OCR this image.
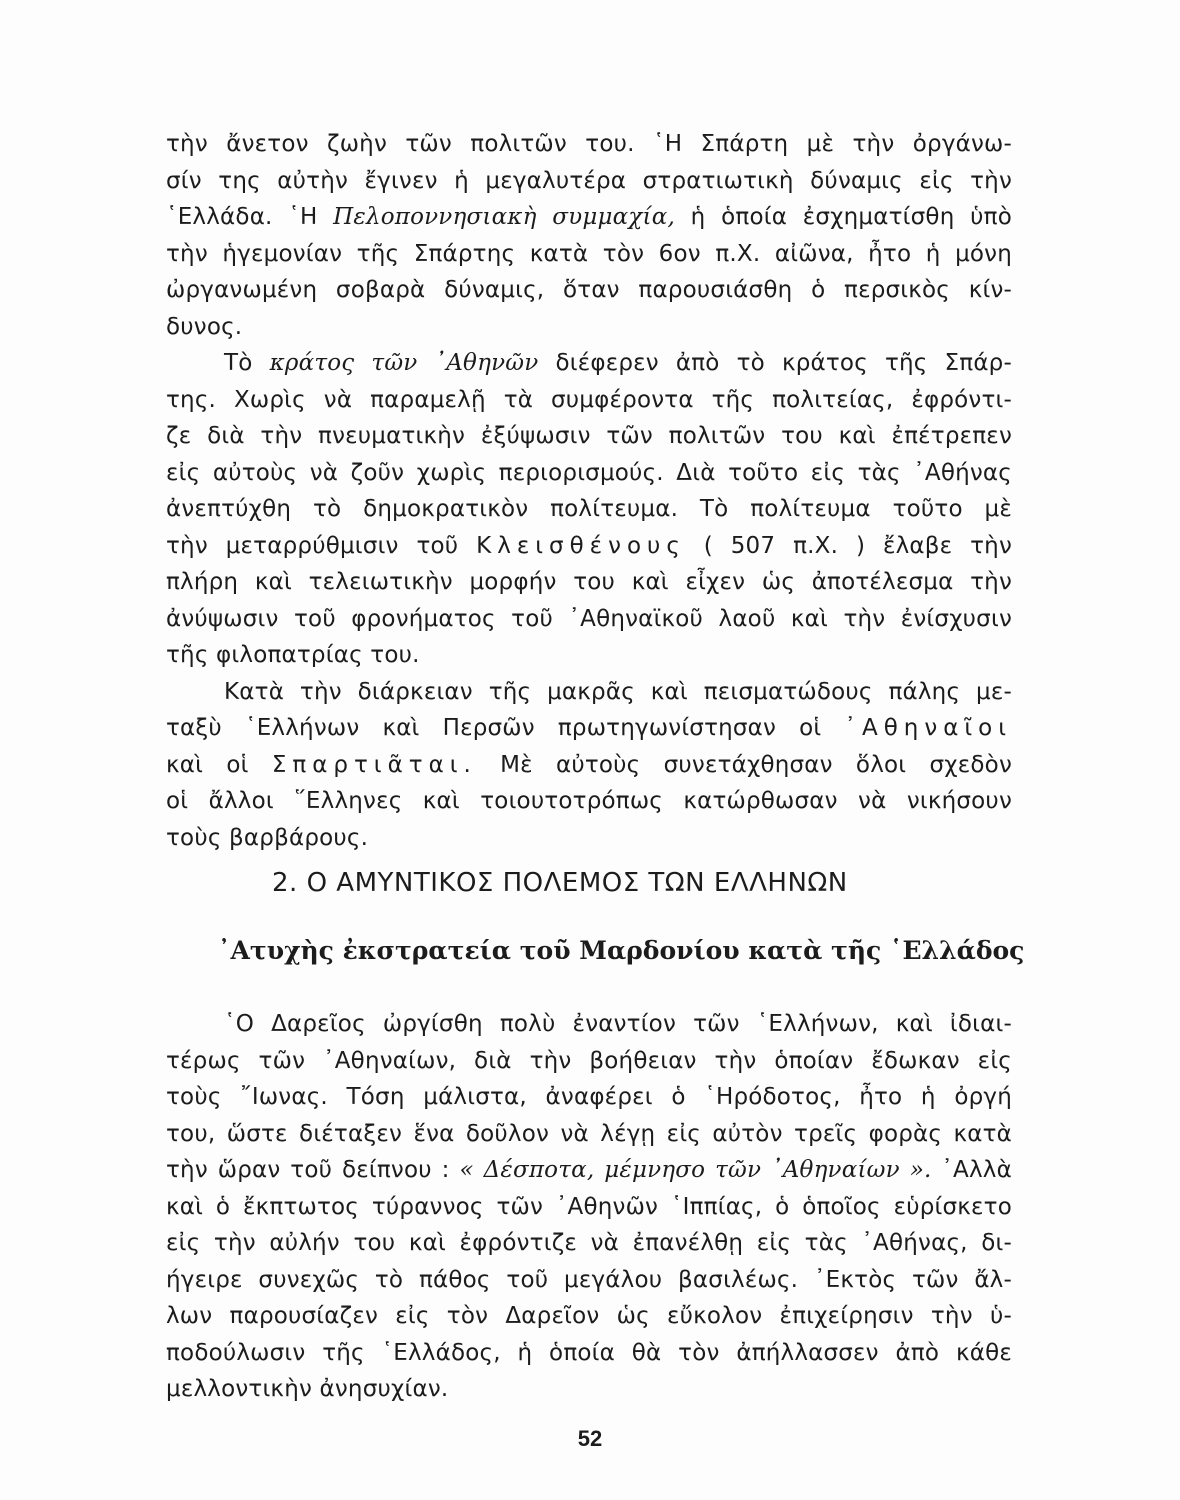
τὴν ἄνετον ζωὴν τῶν πολιτῶν του. ῾Η Σπάρτη μὲ τὴν ὀργάνω-
σίν της αὐτὴν ἔγινεν ἡ μεγαλυτέρα στρατιωτικὴ δύναμις εἰς τὴν
῾Ελλάδα. ῾Η Πελοποννησιακὴ συμμαχία, ἡ ὁποία ἐσχηματίσθη ὑπὸ
τὴν ἡγεμονίαν τῆς Σπάρτης κατὰ τὸν 6ον π.Χ. αἰῶνα, ἦτο ἡ μόνη
ὠργανωμένη σοβαρὰ δύναμις, ὅταν παρουσιάσθη ὁ περσικὸς κίν-
δυνος.
Τὸ κράτος τῶν ᾿Αθηνῶν διέφερεν ἀπὸ τὸ κράτος τῆς Σπάρ-
της. Χωρὶς νὰ παραμελῇ τὰ συμφέροντα τῆς πολιτείας, ἐφρόντι-
ζε διὰ τὴν πνευματικὴν ἐξύψωσιν τῶν πολιτῶν του καὶ ἐπέτρεπεν
εἰς αὐτοὺς νὰ ζοῦν χωρὶς περιορισμούς. Διὰ τοῦτο εἰς τὰς ᾿Αθήνας
ἀνεπτύχθη τὸ δημοκρατικὸν πολίτευμα. Τὸ πολίτευμα τοῦτο μὲ
τὴν μεταρρύθμισιν τοῦ Κλεισθένους ( 507 π.Χ. ) ἔλαβε τὴν
πλήρη καὶ τελειωτικὴν μορφήν του καὶ εἶχεν ὡς ἀποτέλεσμα τὴν
ἀνύψωσιν τοῦ φρονήματος τοῦ ᾿Αθηναϊκοῦ λαοῦ καὶ τὴν ἐνίσχυσιν
τῆς φιλοπατρίας του.
Κατὰ τὴν διάρκειαν τῆς μακρᾶς καὶ πεισματώδους πάλης με-
ταξὺ ῾Ελλήνων καὶ Περσῶν πρωτηγωνίστησαν οἱ ᾿Αθηναῖοι
καὶ οἱ Σπαρτιᾶται. Μὲ αὐτοὺς συνετάχθησαν ὅλοι σχεδὸν
οἱ ἄλλοι ῞Ελληνες καὶ τοιουτοτρόπως κατώρθωσαν νὰ νικήσουν
τοὺς βαρβάρους.
2. Ο ΑΜΥΝΤΙΚΟΣ ΠΟΛΕΜΟΣ ΤΩΝ ΕΛΛΗΝΩΝ
᾿Ατυχὴς ἐκστρατεία τοῦ Μαρδονίου κατὰ τῆς ῾Ελλάδος
῾Ο Δαρεῖος ὠργίσθη πολὺ ἐναντίον τῶν ῾Ελλήνων, καὶ ἰδιαι-
τέρως τῶν ᾿Αθηναίων, διὰ τὴν βοήθειαν τὴν ὁποίαν ἔδωκαν εἰς
τοὺς ῎Ιωνας. Τόση μάλιστα, ἀναφέρει ὁ ῾Ηρόδοτος, ἦτο ἡ ὀργή
του, ὥστε διέταξεν ἕνα δοῦλον νὰ λέγῃ εἰς αὐτὸν τρεῖς φορὰς κατὰ
τὴν ὥραν τοῦ δείπνου : « Δέσποτα, μέμνησο τῶν ᾿Αθηναίων ». ᾿Αλλὰ
καὶ ὁ ἔκπτωτος τύραννος τῶν ᾿Αθηνῶν ῾Ιππίας, ὁ ὁποῖος εὑρίσκετο
εἰς τὴν αὐλήν του καὶ ἐφρόντιζε νὰ ἐπανέλθῃ εἰς τὰς ᾿Αθήνας, δι-
ήγειρε συνεχῶς τὸ πάθος τοῦ μεγάλου βασιλέως. ᾿Εκτὸς τῶν ἄλ-
λων παρουσίαζεν εἰς τὸν Δαρεῖον ὡς εὔκολον ἐπιχείρησιν τὴν ὑ-
ποδούλωσιν τῆς ῾Ελλάδος, ἡ ὁποία θὰ τὸν ἀπήλλασσεν ἀπὸ κάθε
μελλοντικὴν ἀνησυχίαν.
52
